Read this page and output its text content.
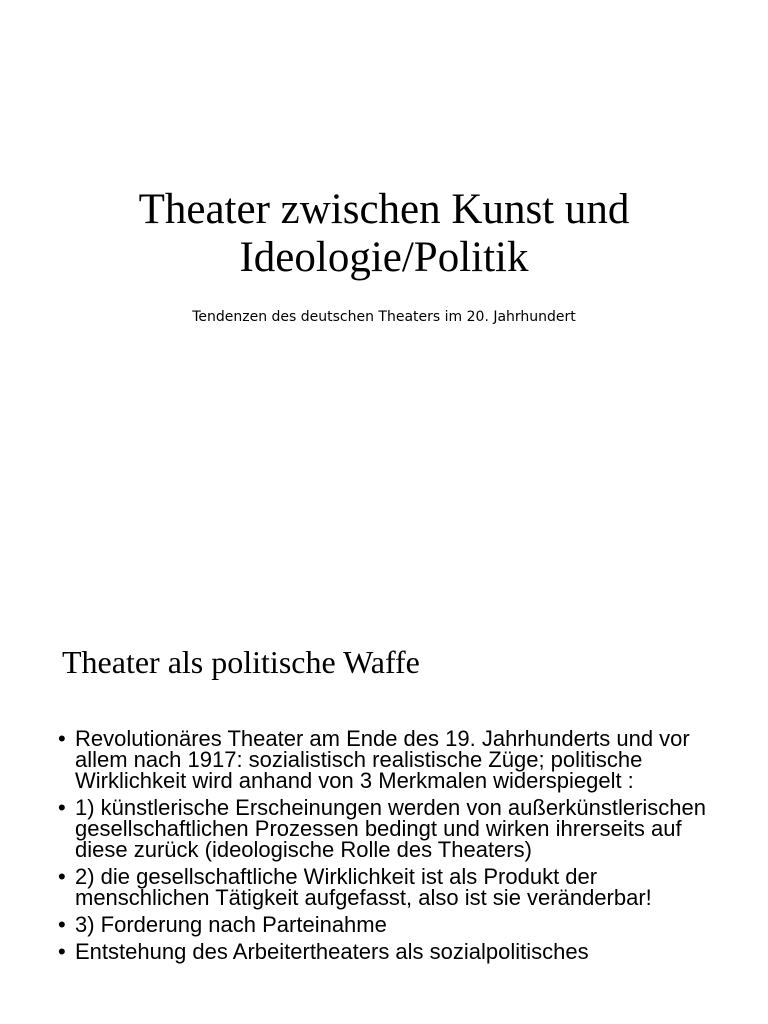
Theater zwischen Kunst und
Ideologie/Politik
Tendenzen des deutschen Theaters im 20. Jahrhundert
Theater als politische Waffe
• Revolutionäres Theater am Ende des 19. Jahrhunderts und vor allem nach 1917: sozialistisch realistische Züge; politische Wirklichkeit wird anhand von 3 Merkmalen widerspiegelt :
• 1) künstlerische Erscheinungen werden von außerkünstlerischen gesellschaftlichen Prozessen bedingt und wirken ihrerseits auf diese zurück (ideologische Rolle des Theaters)
• 2) die gesellschaftliche Wirklichkeit ist als Produkt der menschlichen Tätigkeit aufgefasst, also ist sie veränderbar!
• 3) Forderung nach Parteinahme
• Entstehung des Arbeitertheaters als sozialpolitisches
